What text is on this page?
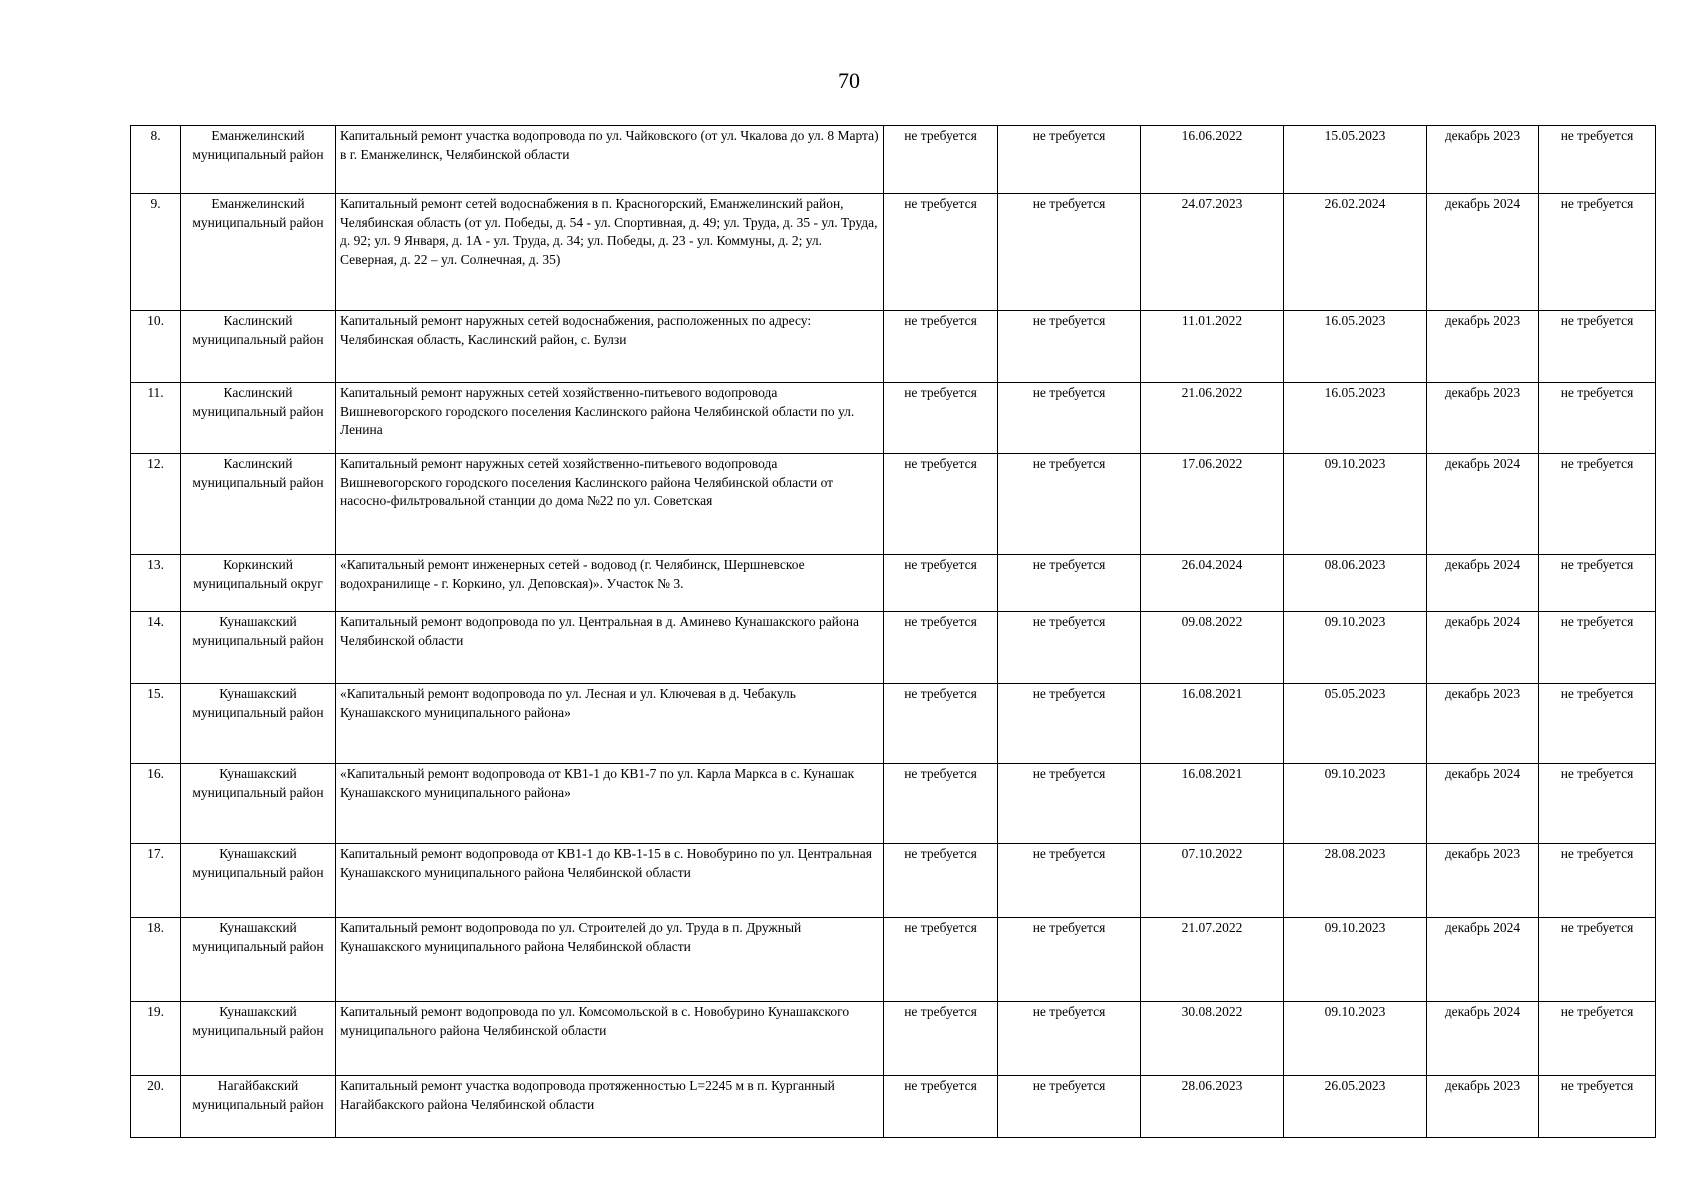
70
8.	Еманжелинский муниципальный район	Капитальный ремонт участка водопровода по ул. Чайковского (от ул. Чкалова до ул. 8 Марта) в г. Еманжелинск, Челябинской области	не требуется	не требуется	16.06.2022	15.05.2023	декабрь 2023	не требуется
9.	Еманжелинский муниципальный район	Капитальный ремонт сетей водоснабжения в п. Красногорский, Еманжелинский район, Челябинская область (от ул. Победы, д. 54 - ул. Спортивная, д. 49; ул. Труда, д. 35 - ул. Труда, д. 92; ул. 9 Января, д. 1А - ул. Труда, д. 34; ул. Победы, д. 23 - ул. Коммуны, д. 2; ул. Северная, д. 22 – ул. Солнечная, д. 35)	не требуется	не требуется	24.07.2023	26.02.2024	декабрь 2024	не требуется
10.	Каслинский муниципальный район	Капитальный ремонт наружных сетей водоснабжения, расположенных по адресу: Челябинская область, Каслинский район, с. Булзи	не требуется	не требуется	11.01.2022	16.05.2023	декабрь 2023	не требуется
11.	Каслинский муниципальный район	Капитальный ремонт наружных сетей хозяйственно-питьевого водопровода Вишневогорского городского поселения Каслинского района Челябинской области по ул. Ленина	не требуется	не требуется	21.06.2022	16.05.2023	декабрь 2023	не требуется
12.	Каслинский муниципальный район	Капитальный ремонт наружных сетей хозяйственно-питьевого водопровода Вишневогорского городского поселения Каслинского района Челябинской области от насосно-фильтровальной станции до дома №22 по ул. Советская	не требуется	не требуется	17.06.2022	09.10.2023	декабрь 2024	не требуется
13.	Коркинский муниципальный округ	«Капитальный ремонт инженерных сетей - водовод (г. Челябинск, Шершневское водохранилище - г. Коркино, ул. Деповская)». Участок № 3.	не требуется	не требуется	26.04.2024	08.06.2023	декабрь 2024	не требуется
14.	Кунашакский муниципальный район	Капитальный ремонт водопровода по ул. Центральная в д. Аминево Кунашакского района Челябинской области	не требуется	не требуется	09.08.2022	09.10.2023	декабрь 2024	не требуется
15.	Кунашакский муниципальный район	«Капитальный ремонт водопровода по ул. Лесная и ул. Ключевая в д. Чебакуль Кунашакского муниципального района»	не требуется	не требуется	16.08.2021	05.05.2023	декабрь 2023	не требуется
16.	Кунашакский муниципальный район	«Капитальный ремонт водопровода от КВ1-1 до КВ1-7 по ул. Карла Маркса в с. Кунашак Кунашакского муниципального района»	не требуется	не требуется	16.08.2021	09.10.2023	декабрь 2024	не требуется
17.	Кунашакский муниципальный район	Капитальный ремонт водопровода от КВ1-1 до КВ-1-15 в с. Новобурино по ул. Центральная Кунашакского муниципального района Челябинской области	не требуется	не требуется	07.10.2022	28.08.2023	декабрь 2023	не требуется
18.	Кунашакский муниципальный район	Капитальный ремонт водопровода по ул. Строителей до ул. Труда в п. Дружный Кунашакского муниципального района Челябинской области	не требуется	не требуется	21.07.2022	09.10.2023	декабрь 2024	не требуется
19.	Кунашакский муниципальный район	Капитальный ремонт водопровода по ул. Комсомольской в с. Новобурино Кунашакского муниципального района Челябинской области	не требуется	не требуется	30.08.2022	09.10.2023	декабрь 2024	не требуется
20.	Нагайбакский муниципальный район	Капитальный ремонт участка водопровода протяженностью L=2245 м в п. Курганный Нагайбакского района Челябинской области	не требуется	не требуется	28.06.2023	26.05.2023	декабрь 2023	не требуется
